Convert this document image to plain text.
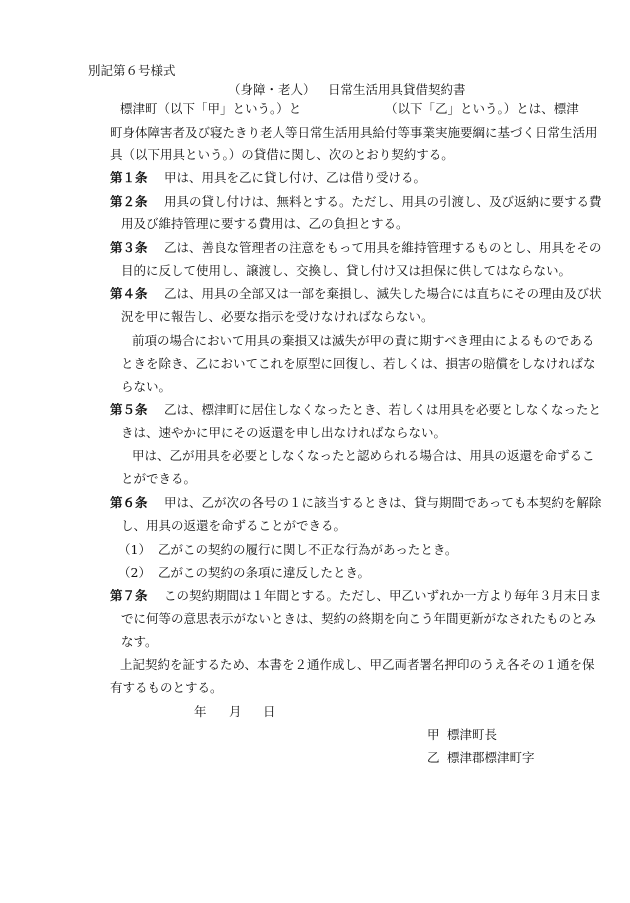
別記第６号様式
（身障・老人） 日常生活用具貸借契約書
標津町（以下「甲」という。）と	（以下「乙」という。）とは、標津
町身体障害者及び寝たきり老人等日常生活用具給付等事業実施要綱に基づく日常生活用
具（以下用具という。）の貸借に関し、次のとおり契約する。
第１条 甲は、用具を乙に貸し付け、乙は借り受ける。
第２条 用具の貸し付けは、無料とする。ただし、用具の引渡し、及び返納に要する費
用及び維持管理に要する費用は、乙の負担とする。
第３条 乙は、善良な管理者の注意をもって用具を維持管理するものとし、用具をその
目的に反して使用し、譲渡し、交換し、貸し付け又は担保に供してはならない。
第４条 乙は、用具の全部又は一部を棄損し、滅失した場合には直ちにその理由及び状
況を甲に報告し、必要な指示を受けなければならない。
前項の場合において用具の棄損又は滅失が甲の責に期すべき理由によるものである
ときを除き、乙においてこれを原型に回復し、若しくは、損害の賠償をしなければな
らない。
第５条 乙は、標津町に居住しなくなったとき、若しくは用具を必要としなくなったと
きは、速やかに甲にその返還を申し出なければならない。
甲は、乙が用具を必要としなくなったと認められる場合は、用具の返還を命ずるこ
とができる。
第６条 甲は、乙が次の各号の１に該当するときは、貸与期間であっても本契約を解除
し、用具の返還を命ずることができる。
（1） 乙がこの契約の履行に関し不正な行為があったとき。
（2） 乙がこの契約の条項に違反したとき。
第７条 この契約期間は１年間とする。ただし、甲乙いずれか一方より毎年３月末日ま
でに何等の意思表示がないときは、契約の終期を向こう年間更新がなされたものとみ
なす。
上記契約を証するため、本書を２通作成し、甲乙両者署名押印のうえ各その１通を保
有するものとする。
年 月 日
甲 標津町長
乙 標津郡標津町字
